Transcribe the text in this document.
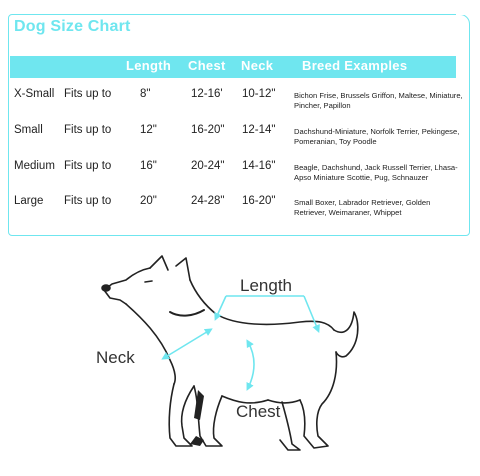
Dog Size Chart
Length Chest Neck Breed Examples
X-Small Fits up to 8"	12-16' 10-12" Bichon Frise, Brussels Griffon, Maltese, Miniature, Pincher, Papillon
Small Fits up to 12"	16-20" 12-14" Dachshund-Miniature, Norfolk Terrier, Pekingese, Pomeranian, Toy Poodle
Medium Fits up to 16"	20-24" 14-16" Beagle, Dachshund, Jack Russell Terrier, Lhasa-Apso Miniature Scottie, Pug, Schnauzer
Large Fits up to 20"	24-28" 16-20" Small Boxer, Labrador Retriever, Golden Retriever, Weimaraner, Whippet
Length
Neck
Chest
